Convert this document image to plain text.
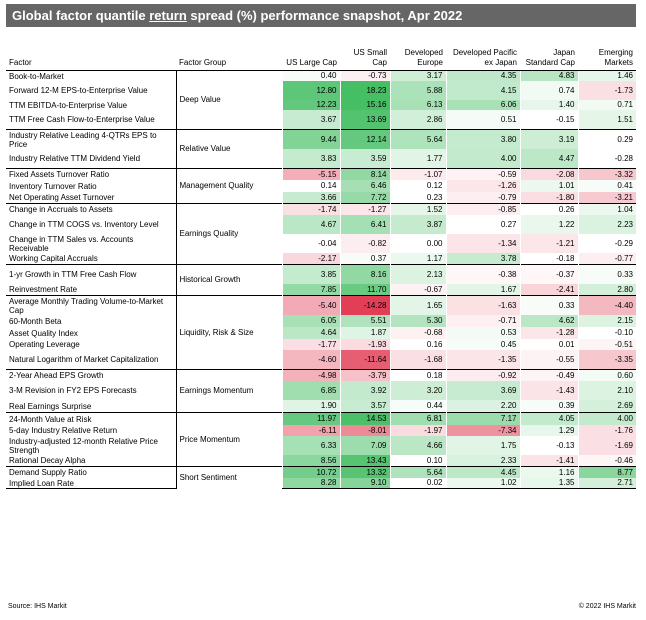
Global factor quantile return spread (%) performance snapshot, Apr 2022
Factor	Factor Group	US Large Cap	US Small Cap	Developed Europe	Developed Pacific ex Japan	Japan Standard Cap	Emerging Markets
Book-to-Market	Deep Value	0.40	-0.73	3.17	4.35	4.83	1.46
Forward 12-M EPS-to-Enterprise Value		12.80	18.23	5.88	4.15	0.74	-1.73
TTM EBITDA-to-Enterprise Value		12.23	15.16	6.13	6.06	1.40	0.71
TTM Free Cash Flow-to-Enterprise Value		3.67	13.69	2.86	0.51	-0.15	1.51
Industry Relative Leading 4-QTRs EPS to Price	Relative Value	9.44	12.14	5.64	3.80	3.19	0.29
Industry Relative TTM Dividend Yield		3.83	3.59	1.77	4.00	4.47	-0.28
Fixed Assets Turnover Ratio	Management Quality	-5.15	8.14	-1.07	-0.59	-2.08	-3.32
Inventory Turnover Ratio		0.14	6.46	0.12	-1.26	1.01	0.41
Net Operating Asset Turnover		3.66	7.72	0.23	-0.79	-1.80	-3.21
Change in Accruals to Assets	Earnings Quality	-1.74	-1.27	1.52	-0.85	0.26	1.04
Change in TTM COGS vs. Inventory Level		4.67	6.41	3.87	0.27	1.22	2.23
Change in TTM Sales vs. Accounts Receivable		-0.04	-0.82	0.00	-1.34	-1.21	-0.29
Working Capital Accruals		-2.17	0.37	1.17	3.78	-0.18	-0.77
1-yr Growth in TTM Free Cash Flow	Historical Growth	3.85	8.16	2.13	-0.38	-0.37	0.33
Reinvestment Rate		7.85	11.70	-0.67	1.67	-2.41	2.80
Average Monthly Trading Volume-to-Market Cap	Liquidity, Risk & Size	-5.40	-14.28	1.65	-1.63	0.33	-4.40
60-Month Beta		6.05	5.51	5.30	-0.71	4.62	2.15
Asset Quality Index		4.64	1.87	-0.68	0.53	-1.28	-0.10
Operating Leverage		-1.77	-1.93	0.16	0.45	0.01	-0.51
Natural Logarithm of Market Capitalization		-4.60	-11.64	-1.68	-1.35	-0.55	-3.35
2-Year Ahead EPS Growth	Earnings Momentum	-4.98	-3.79	0.18	-0.92	-0.49	0.60
3-M Revision in FY2 EPS Forecasts		6.85	3.92	3.20	3.69	-1.43	2.10
Real Earnings Surprise		1.90	3.57	0.44	2.20	0.39	2.69
24-Month Value at Risk	Price Momentum	11.97	14.53	6.81	7.17	4.05	4.00
5-day Industry Relative Return		-6.11	-8.01	-1.97	-7.34	1.29	-1.76
Industry-adjusted 12-month Relative Price Strength		6.33	7.09	4.66	1.75	-0.13	-1.69
Rational Decay Alpha		8.56	13.43	0.10	2.33	-1.41	-0.46
Demand Supply Ratio	Short Sentiment	10.72	13.32	5.64	4.45	1.16	8.77
Implied Loan Rate		8.28	9.10	0.02	1.02	1.35	2.71
Source: IHS Markit	© 2022 IHS Markit
